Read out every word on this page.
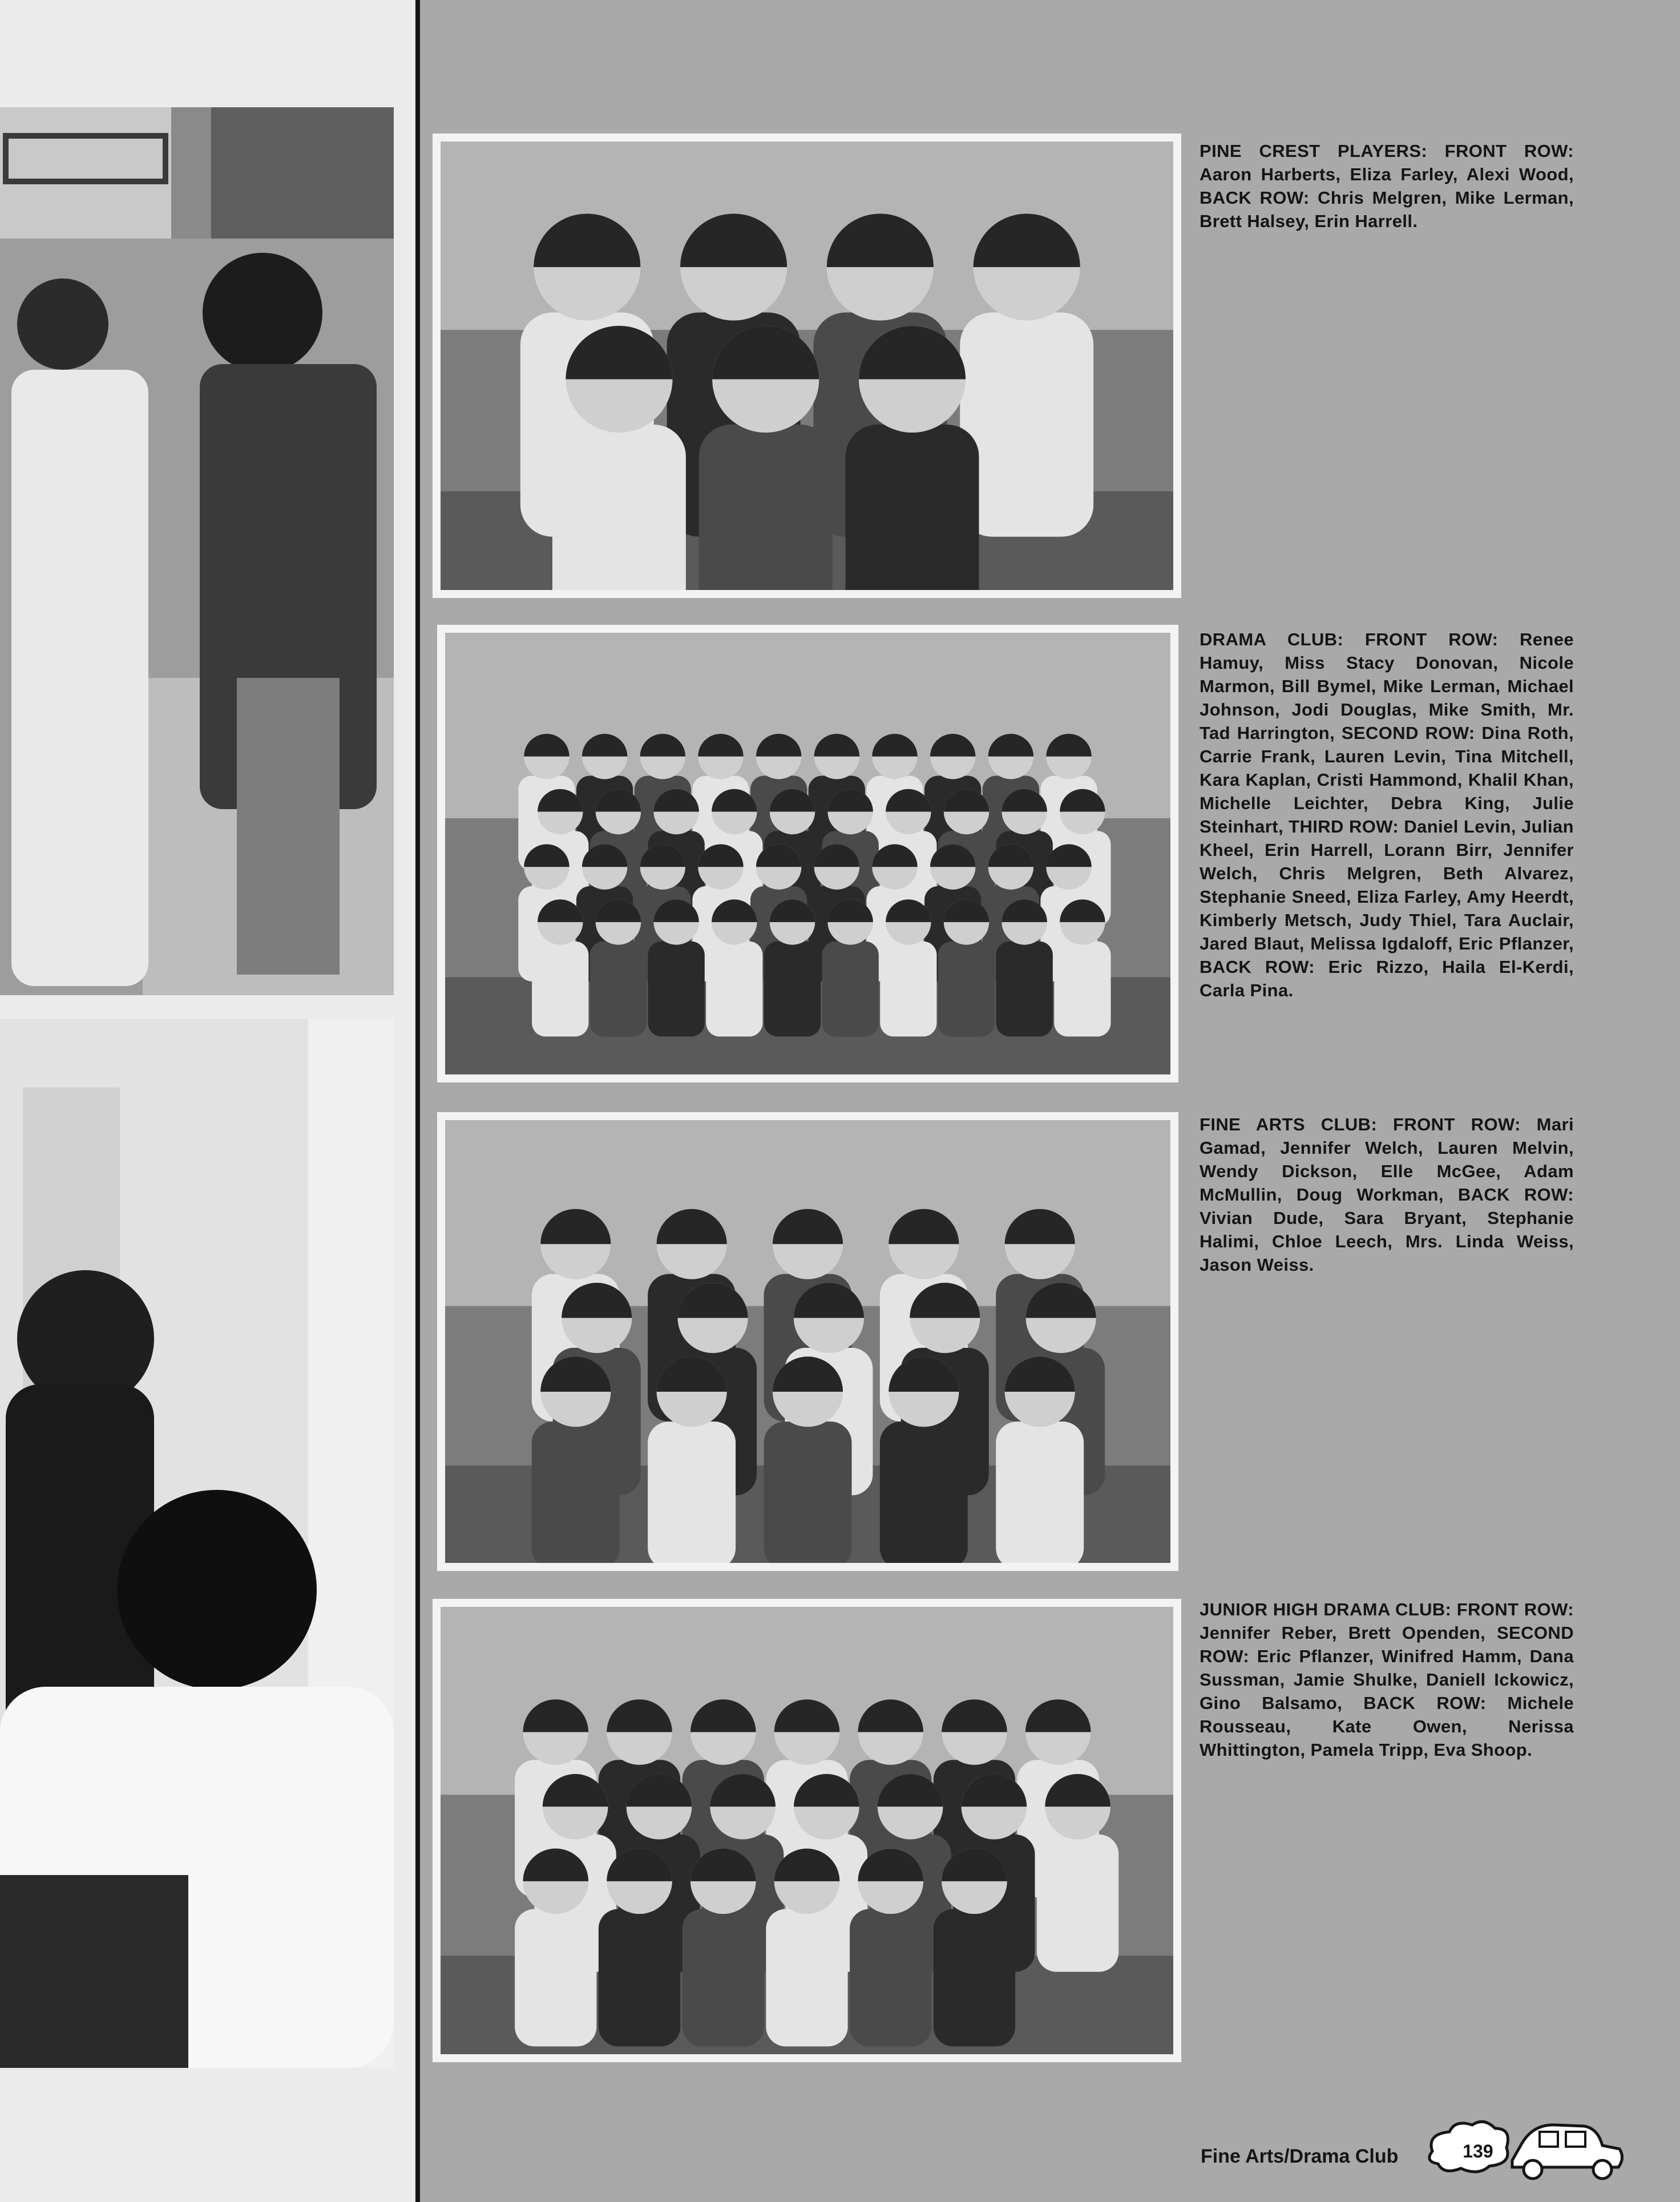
PINE CREST PLAYERS: FRONT ROW: Aaron Harberts, Eliza Farley, Alexi Wood, BACK ROW: Chris Melgren, Mike Lerman, Brett Halsey, Erin Harrell.

DRAMA CLUB: FRONT ROW: Renee Hamuy, Miss Stacy Donovan, Nicole Marmon, Bill Bymel, Mike Lerman, Michael Johnson, Jodi Douglas, Mike Smith, Mr. Tad Harrington, SECOND ROW: Dina Roth, Carrie Frank, Lauren Levin, Tina Mitchell, Kara Kaplan, Cristi Hammond, Khalil Khan, Michelle Leichter, Debra King, Julie Steinhart, THIRD ROW: Daniel Levin, Julian Kheel, Erin Harrell, Lorann Birr, Jennifer Welch, Chris Melgren, Beth Alvarez, Stephanie Sneed, Eliza Farley, Amy Heerdt, Kimberly Metsch, Judy Thiel, Tara Auclair, Jared Blaut, Melissa Igdaloff, Eric Pflanzer, BACK ROW: Eric Rizzo, Haila El-Kerdi, Carla Pina.

FINE ARTS CLUB: FRONT ROW: Mari Gamad, Jennifer Welch, Lauren Melvin, Wendy Dickson, Elle McGee, Adam McMullin, Doug Workman, BACK ROW: Vivian Dude, Sara Bryant, Stephanie Halimi, Chloe Leech, Mrs. Linda Weiss, Jason Weiss.

JUNIOR HIGH DRAMA CLUB: FRONT ROW: Jennifer Reber, Brett Openden, SECOND ROW: Eric Pflanzer, Winifred Hamm, Dana Sussman, Jamie Shulke, Daniell Ickowicz, Gino Balsamo, BACK ROW: Michele Rousseau, Kate Owen, Nerissa Whittington, Pamela Tripp, Eva Shoop.

Fine Arts/Drama Club	139
